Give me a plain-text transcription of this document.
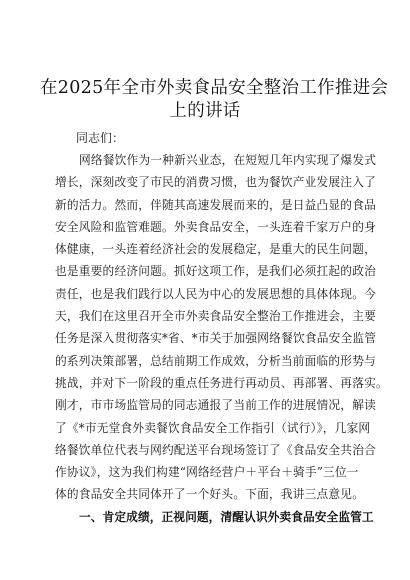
在2025年全市外卖食品安全整治工作推进会
上的讲话
同志们：
网络餐饮作为一种新兴业态，在短短几年内实现了爆发式
增长，深刻改变了市民的消费习惯，也为餐饮产业发展注入了
新的活力。然而，伴随其高速发展而来的，是日益凸显的食品
安全风险和监管难题。外卖食品安全，一头连着千家万户的身
体健康，一头连着经济社会的发展稳定，是重大的民生问题，
也是重要的经济问题。抓好这项工作，是我们必须扛起的政治
责任，也是我们践行以人民为中心的发展思想的具体体现。今
天，我们在这里召开全市外卖食品安全整治工作推进会，主要
任务是深入贯彻落实*省、*市关于加强网络餐饮食品安全监管
的系列决策部署，总结前期工作成效，分析当前面临的形势与
挑战，并对下一阶段的重点任务进行再动员、再部署、再落实。
刚才，市市场监管局的同志通报了当前工作的进展情况，解读
了《*市无堂食外卖餐饮食品安全工作指引（试行）》，几家网
络餐饮单位代表与网约配送平台现场签订了《食品安全共治合
作协议》，这为我们构建“网络经营户＋平台＋骑手”三位一
体的食品安全共同体开了一个好头。下面，我讲三点意见。
一、肯定成绩，正视问题，清醒认识外卖食品安全监管工
